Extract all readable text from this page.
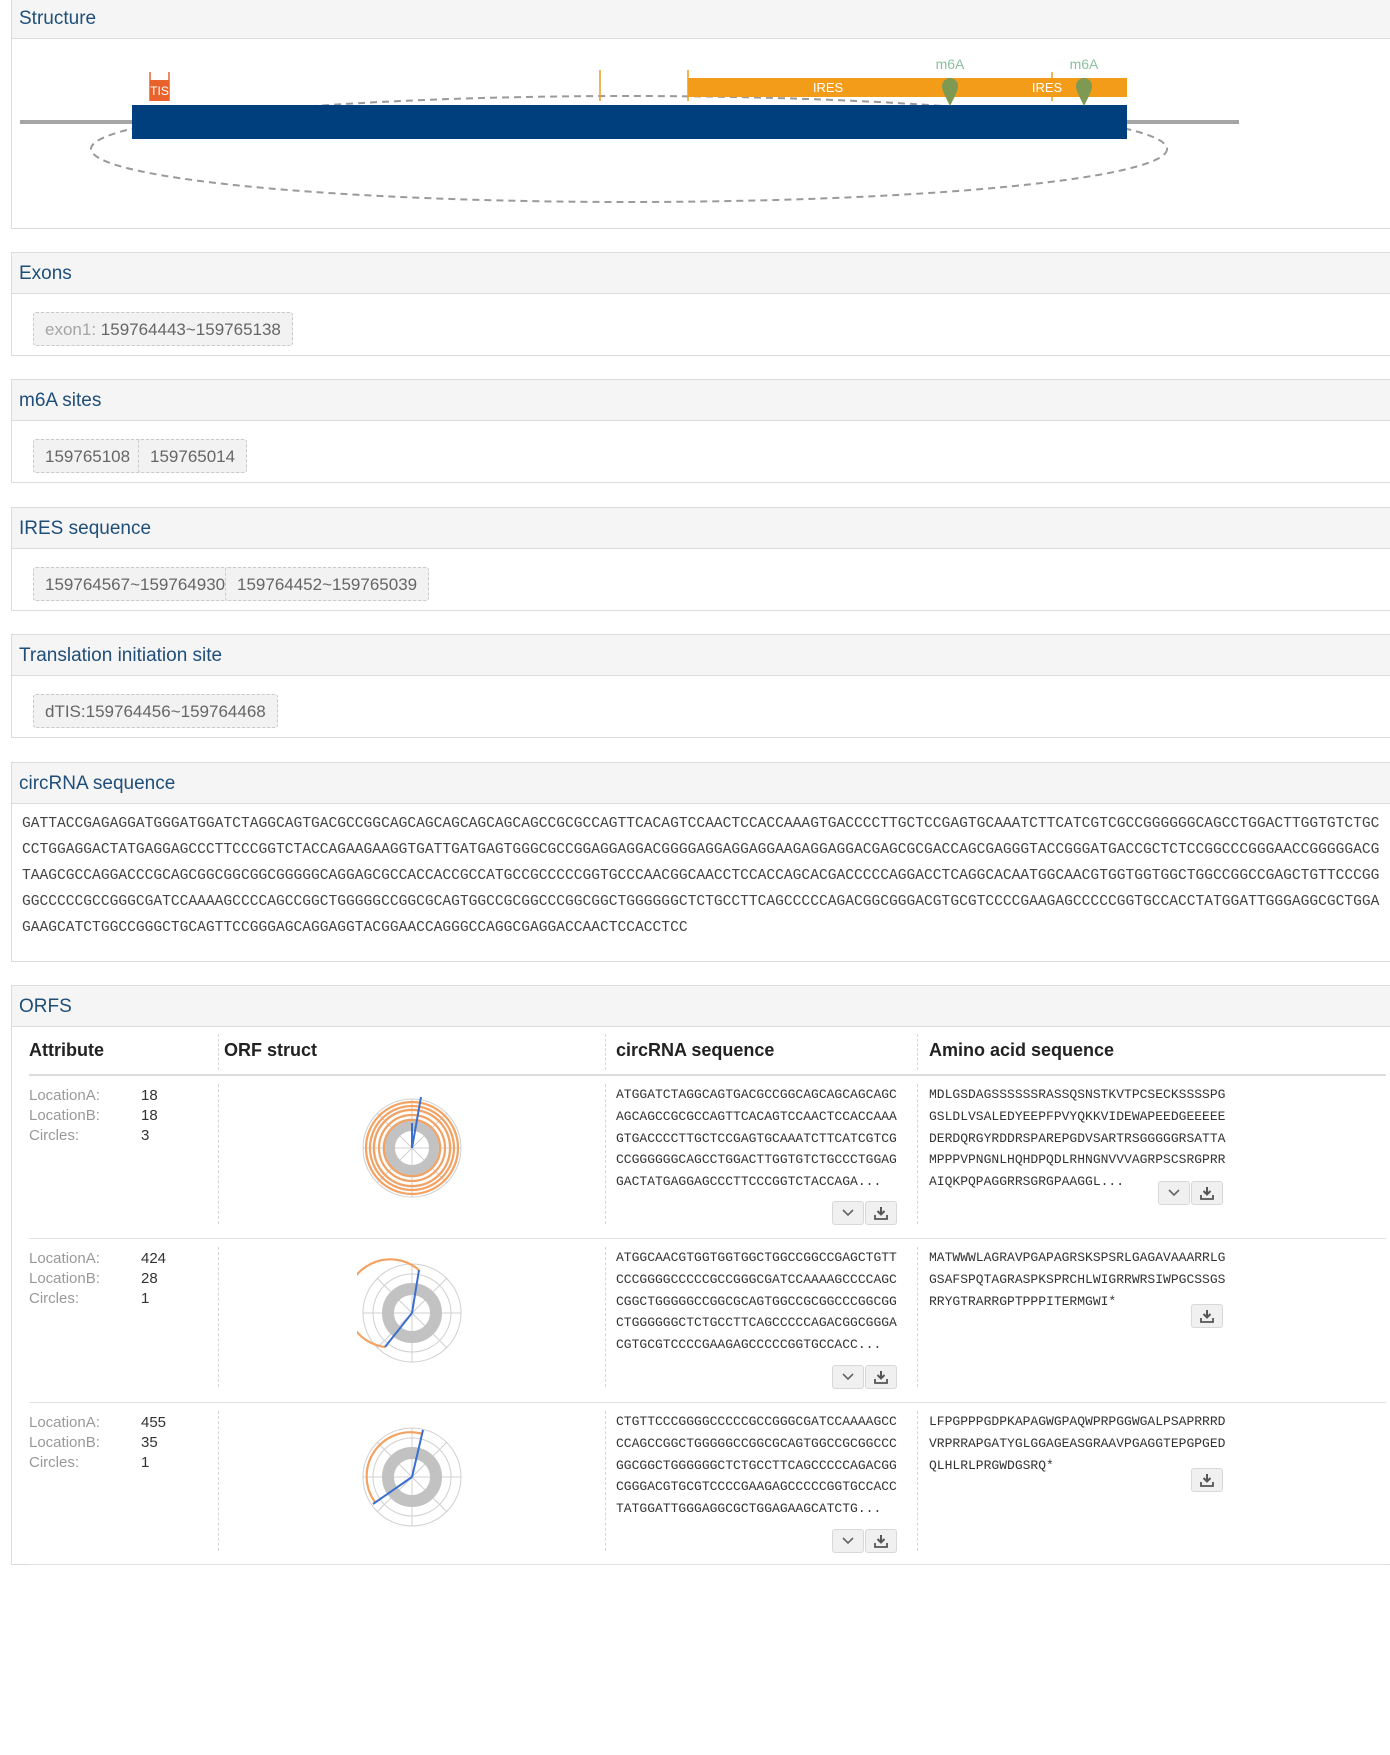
Structure
TIS	IRES	IRES
m6A	m6A
Exons
exon1: 159764443~159765138
m6A sites
159765108	159765014
IRES sequence
159764567~159764930 159764452~159765039
Translation initiation site
dTIS:159764456~159764468
circRNA sequence
GATTACCGAGAGGATGGGATGGATCTAGGCAGTGACGCCGGCAGCAGCAGCAGCAGCAGCCGCGCCAGTTCACAGTCCAACTCCACCAAAGTGACCCCTTGCTCCGAGTGCAAATCTTCATCGTCGCCGGGGGGCAGCCTGGACTTGGTGTCTGCCCTGGAGGACTATGAGGAGCCCTTCCCGGTCTACCAGAAGAAGGTGATTGATGAGTGGGCGCCGGAGGAGGACGGGGAGGAGGAGGAAGAGGAGGACGAGCGCGACCAGCGAGGGTACCGGGATGACCGCTCTCCGGCCCGGGAACCGGGGGACGTAAGCGCCAGGACCCGCAGCGGCGGCGGCGGGGGCAGGAGCGCCACCACCGCCATGCCGCCCCCGGTGCCCAACGGCAACCTCCACCAGCACGACCCCCAGGACCTCAGGCACAATGGCAACGTGGTGGTGGCTGGCCGGCCGAGCTGTTCCCGGGGCCCCCGCCGGGCGATCCAAAAGCCCCAGCCGGCTGGGGGCCGGCGCAGTGGCCGCGGCCCGGCGGCTGGGGGGCTCTGCCTTCAGCCCCCAGACGGCGGGACGTGCGTCCCCGAAGAGCCCCCGGTGCCACCTATGGATTGGGAGGCGCTGGAGAAGCATCTGGCCGGGCTGCAGTTCCGGGAGCAGGAGGTACGGAACCAGGGCCAGGCGAGGACCAACTCCACCTCC
ORFS
Attribute	ORF struct	circRNA sequence	Amino acid sequence
LocationA:	18
LocationB:	18
Circles:	3
ATGGATCTAGGCAGTGACGCCGGCAGCAGCAGCAGCAGCAGCCGCGCCAGTTCACAGTCCAACTCCACCAAAGTGACCCCTTGCTCCGAGTGCAAATCTTCATCGTCGCCGGGGGGCAGCCTGGACTTGGTGTCTGCCCTGGAGGACTATGAGGAGCCCTTCCCGGTCTACCAGA...
MDLGSDAGSSSSSSRASSQSNSTKVTPCSECKSSSSPGGSLDLVSALEDYEEPFPVYQKKVIDEWAPEEDGEEEEEDERDQRGYRDDRSPAREPGDVSARTRSGGGGGRSATTAMPPPVPNGNLHQHDPQDLRHNGNVVVAGRPSCSRGPRRAIQKPQPAGGRRSGRGPAAGGL...
LocationA:	424
LocationB:	28
Circles:	1
ATGGCAACGTGGTGGTGGCTGGCCGGCCGAGCTGTTCCCGGGGCCCCCGCCGGGCGATCCAAAAGCCCCAGCCGGCTGGGGGCCGGCGCAGTGGCCGCGGCCCGGCGGCTGGGGGGCTCTGCCTTCAGCCCCCAGACGGCGGGACGTGCGTCCCCGAAGAGCCCCCGGTGCCACC...
MATWWWLAGRAVPGAPAGRSKSPSRLGAGAVAAARRLGGSAFSPQTAGRASPKSPRCHLWIGRRWRSIWPGCSSGSRRYGTRARRGPTPPPITERMGWI*
LocationA:	455
LocationB:	35
Circles:	1
CTGTTCCCGGGGCCCCCGCCGGGCGATCCAAAAGCCCCAGCCGGCTGGGGGCCGGCGCAGTGGCCGCGGCCCGGCGGCTGGGGGGCTCTGCCTTCAGCCCCCAGACGGCGGGACGTGCGTCCCCGAAGAGCCCCCGGTGCCACCTATGGATTGGGAGGCGCTGGAGAAGCATCTG...
LFPGPPPGDPKAPAGWGPAQWPRPGGWGALPSAPRRRDVRPRRAPGATYGLGGAGEASGRAAVPGAGGTEPGPGEDQLHLRLPRGWDGSRQ*
